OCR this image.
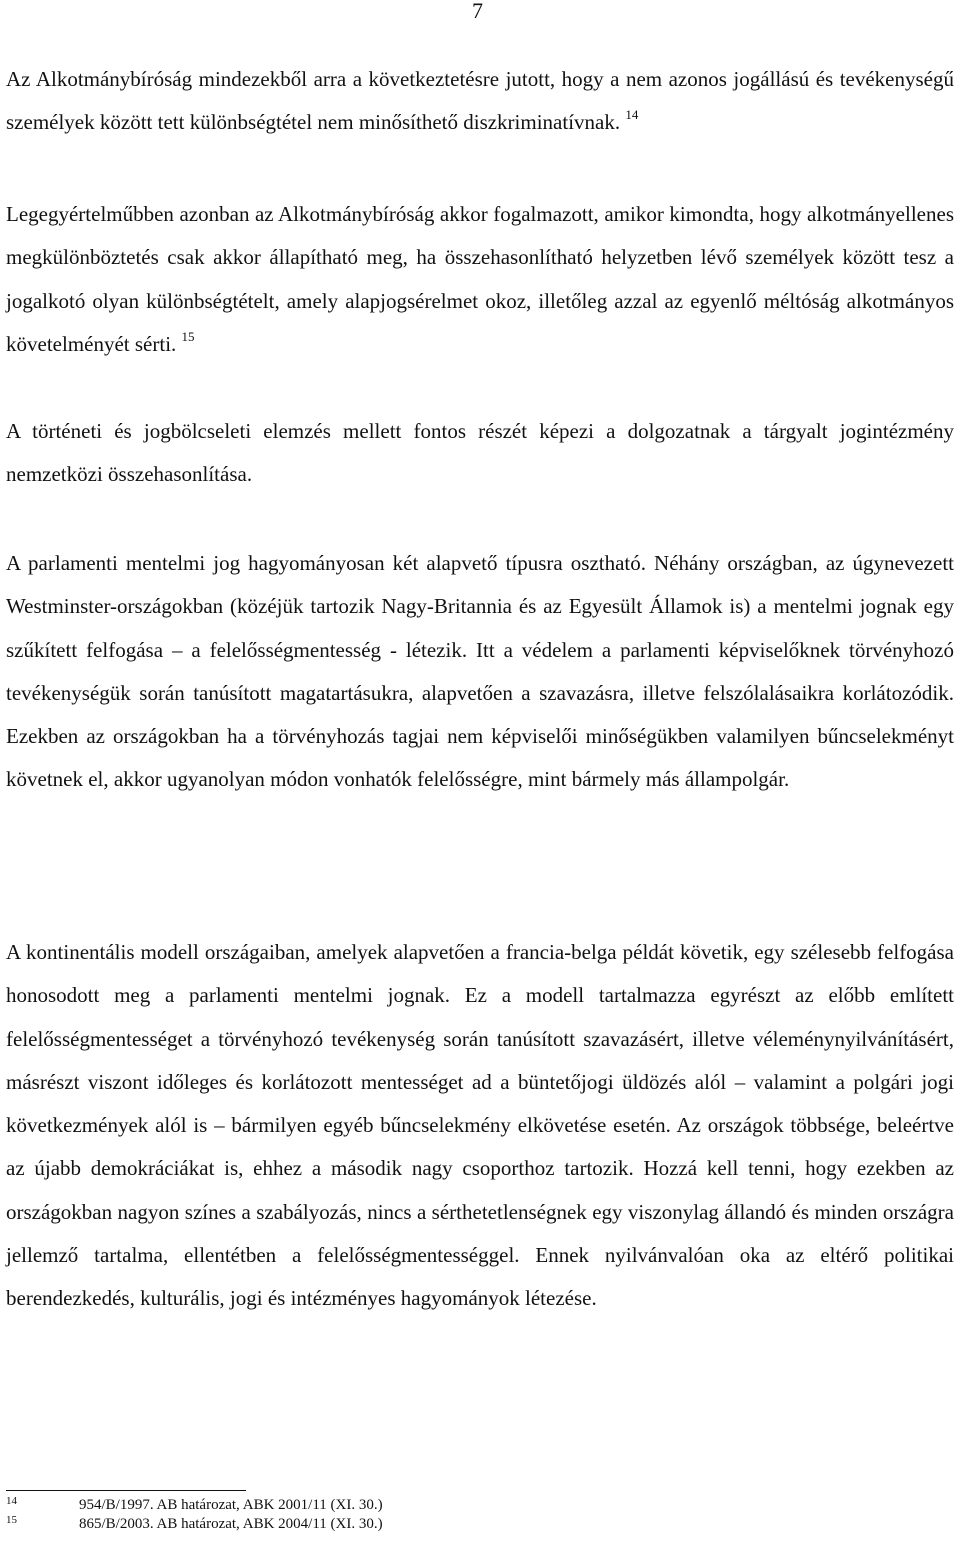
7

Az Alkotmánybíróság mindezekből arra a következtetésre jutott, hogy a nem azonos jogállású és tevékenységű személyek között tett különbségtétel nem minősíthető diszkriminatívnak. $^{14}$

Legegyértelműbben azonban az Alkotmánybíróság akkor fogalmazott, amikor kimondta, hogy alkotmányellenes megkülönböztetés csak akkor állapítható meg, ha összehasonlítható helyzetben lévő személyek között tesz a jogalkotó olyan különbségtételt, amely alapjogsérelmet okoz, illetőleg azzal az egyenlő méltóság alkotmányos követelményét sérti. $^{15}$

A történeti és jogbölcseleti elemzés mellett fontos részét képezi a dolgozatnak a tárgyalt jogintézmény nemzetközi összehasonlítása.

A parlamenti mentelmi jog hagyományosan két alapvető típusra osztható. Néhány országban, az úgynevezett Westminster-országokban (közéjük tartozik Nagy-Britannia és az Egyesült Államok is) a mentelmi jognak egy szűkített felfogása – a felelősségmentesség - létezik. Itt a védelem a parlamenti képviselőknek törvényhozó tevékenységük során tanúsított magatartásukra, alapvetően a szavazásra, illetve felszólalásaikra korlátozódik. Ezekben az országokban ha a törvényhozás tagjai nem képviselői minőségükben valamilyen bűncselekményt követnek el, akkor ugyanolyan módon vonhatók felelősségre, mint bármely más állampolgár.

A kontinentális modell országaiban, amelyek alapvetően a francia-belga példát követik, egy szélesebb felfogása honosodott meg a parlamenti mentelmi jognak. Ez a modell tartalmazza egyrészt az előbb említett felelősségmentességet a törvényhozó tevékenység során tanúsított szavazásért, illetve véleménynyilvánításért, másrészt viszont időleges és korlátozott mentességet ad a büntetőjogi üldözés alól – valamint a polgári jogi következmények alól is – bármilyen egyéb bűncselekmény elkövetése esetén. Az országok többsége, beleértve az újabb demokráciákat is, ehhez a második nagy csoporthoz tartozik. Hozzá kell tenni, hogy ezekben az országokban nagyon színes a szabályozás, nincs a sérthetetlenségnek egy viszonylag állandó és minden országra jellemző tartalma, ellentétben a felelősségmentességgel. Ennek nyilvánvalóan oka az eltérő politikai berendezkedés, kulturális, jogi és intézményes hagyományok létezése.

14	954/B/1997. AB határozat, ABK 2001/11 (XI. 30.)
15	865/B/2003. AB határozat, ABK 2004/11 (XI. 30.)
